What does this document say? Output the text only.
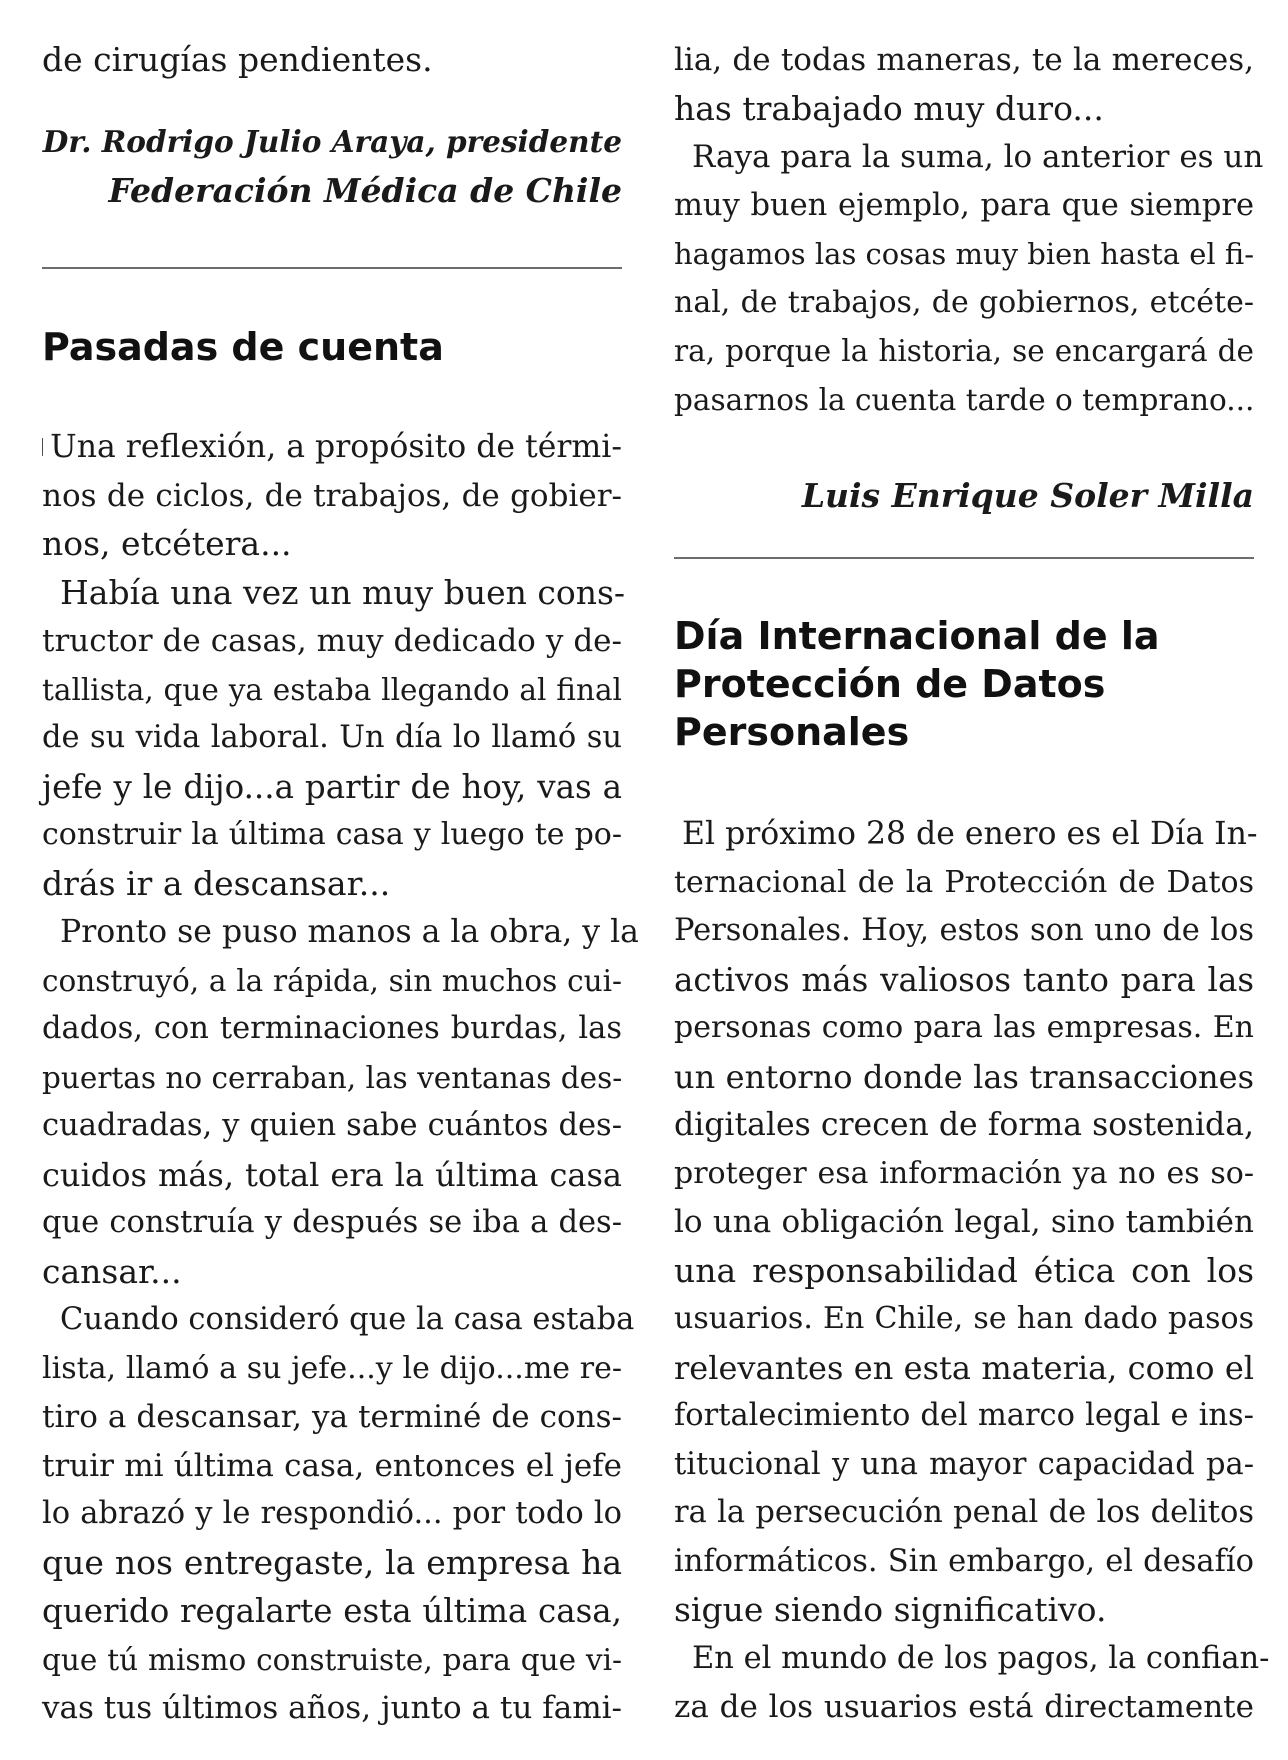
de cirugías pendientes.
Dr. Rodrigo Julio Araya, presidente
Federación Médica de Chile
Pasadas de cuenta
Una reflexión, a propósito de térmi-
nos de ciclos, de trabajos, de gobier-
nos, etcétera...
Había una vez un muy buen cons-
tructor de casas, muy dedicado y de-
tallista, que ya estaba llegando al final
de su vida laboral. Un día lo llamó su
jefe y le dijo...a partir de hoy, vas a
construir la última casa y luego te po-
drás ir a descansar...
Pronto se puso manos a la obra, y la
construyó, a la rápida, sin muchos cui-
dados, con terminaciones burdas, las
puertas no cerraban, las ventanas des-
cuadradas, y quien sabe cuántos des-
cuidos más, total era la última casa
que construía y después se iba a des-
cansar...
Cuando consideró que la casa estaba
lista, llamó a su jefe...y le dijo...me re-
tiro a descansar, ya terminé de cons-
truir mi última casa, entonces el jefe
lo abrazó y le respondió... por todo lo
que nos entregaste, la empresa ha
querido regalarte esta última casa,
que tú mismo construiste, para que vi-
vas tus últimos años, junto a tu fami-
lia, de todas maneras, te la mereces,
has trabajado muy duro...
Raya para la suma, lo anterior es un
muy buen ejemplo, para que siempre
hagamos las cosas muy bien hasta el fi-
nal, de trabajos, de gobiernos, etcéte-
ra, porque la historia, se encargará de
pasarnos la cuenta tarde o temprano...
Luis Enrique Soler Milla
Día Internacional de la
Protección de Datos
Personales
El próximo 28 de enero es el Día In-
ternacional de la Protección de Datos
Personales. Hoy, estos son uno de los
activos más valiosos tanto para las
personas como para las empresas. En
un entorno donde las transacciones
digitales crecen de forma sostenida,
proteger esa información ya no es so-
lo una obligación legal, sino también
una responsabilidad ética con los
usuarios. En Chile, se han dado pasos
relevantes en esta materia, como el
fortalecimiento del marco legal e ins-
titucional y una mayor capacidad pa-
ra la persecución penal de los delitos
informáticos. Sin embargo, el desafío
sigue siendo significativo.
En el mundo de los pagos, la confian-
za de los usuarios está directamente
